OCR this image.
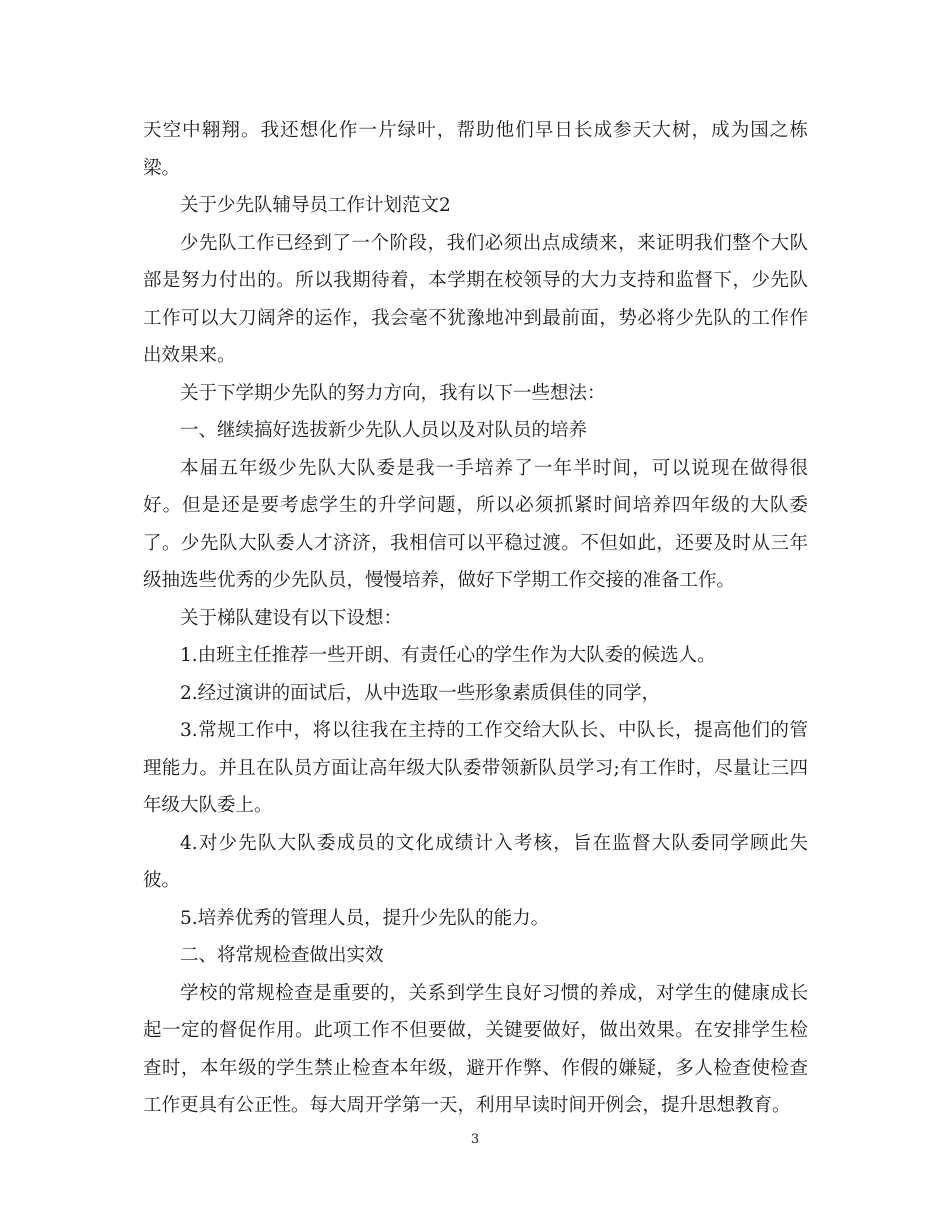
天空中翱翔。我还想化作一片绿叶，帮助他们早日长成参天大树，成为国之栋梁。

关于少先队辅导员工作计划范文2

少先队工作已经到了一个阶段，我们必须出点成绩来，来证明我们整个大队部是努力付出的。所以我期待着，本学期在校领导的大力支持和监督下，少先队工作可以大刀阔斧的运作，我会毫不犹豫地冲到最前面，势必将少先队的工作作出效果来。

关于下学期少先队的努力方向，我有以下一些想法：

一、继续搞好选拔新少先队人员以及对队员的培养

本届五年级少先队大队委是我一手培养了一年半时间，可以说现在做得很好。但是还是要考虑学生的升学问题，所以必须抓紧时间培养四年级的大队委了。少先队大队委人才济济，我相信可以平稳过渡。不但如此，还要及时从三年级抽选些优秀的少先队员，慢慢培养，做好下学期工作交接的准备工作。

关于梯队建设有以下设想：

1.由班主任推荐一些开朗、有责任心的学生作为大队委的候选人。

2.经过演讲的面试后，从中选取一些形象素质俱佳的同学，

3.常规工作中，将以往我在主持的工作交给大队长、中队长，提高他们的管理能力。并且在队员方面让高年级大队委带领新队员学习;有工作时，尽量让三四年级大队委上。

4.对少先队大队委成员的文化成绩计入考核，旨在监督大队委同学顾此失彼。

5.培养优秀的管理人员，提升少先队的能力。

二、将常规检查做出实效

学校的常规检查是重要的，关系到学生良好习惯的养成，对学生的健康成长起一定的督促作用。此项工作不但要做，关键要做好，做出效果。在安排学生检查时，本年级的学生禁止检查本年级，避开作弊、作假的嫌疑，多人检查使检查工作更具有公正性。每大周开学第一天，利用早读时间开例会，提升思想教育。

3
